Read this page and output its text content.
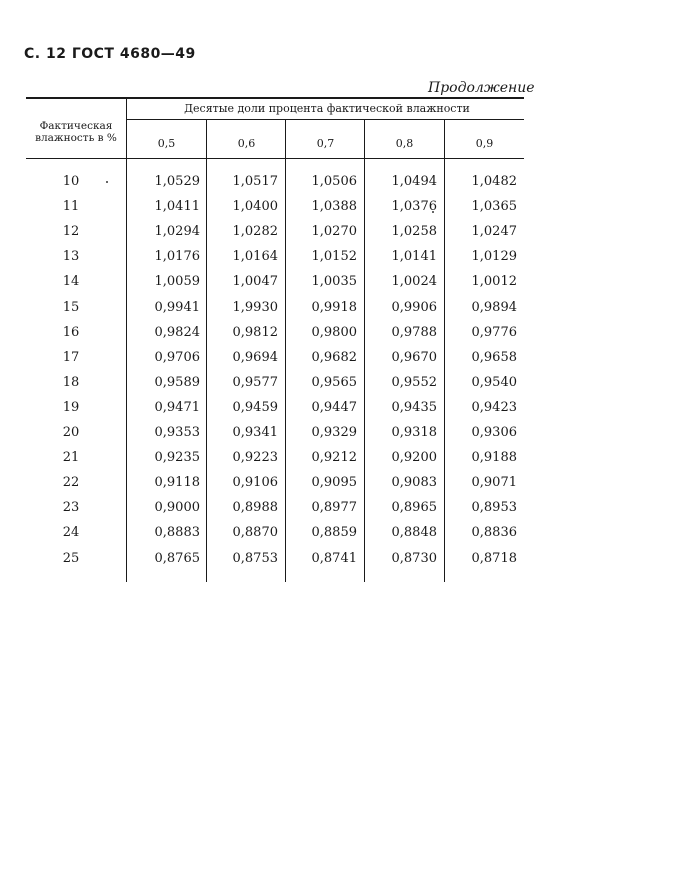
С. 12 ГОСТ 4680—49
Продолжение
Десятые доли процента фактической влажности
Фактическая влажность в %	0,5	0,6	0,7	0,8	0,9
10	1,0529	1,0517	1,0506	1,0494	1,0482
11	1,0411	1,0400	1,0388	1,0376	1,0365
12	1,0294	1,0282	1,0270	1,0258	1,0247
13	1,0176	1,0164	1,0152	1,0141	1,0129
14	1,0059	1,0047	1,0035	1,0024	1,0012
15	0,9941	1,9930	0,9918	0,9906	0,9894
16	0,9824	0,9812	0,9800	0,9788	0,9776
17	0,9706	0,9694	0,9682	0,9670	0,9658
18	0,9589	0,9577	0,9565	0,9552	0,9540
19	0,9471	0,9459	0,9447	0,9435	0,9423
20	0,9353	0,9341	0,9329	0,9318	0,9306
21	0,9235	0,9223	0,9212	0,9200	0,9188
22	0,9118	0,9106	0,9095	0,9083	0,9071
23	0,9000	0,8988	0,8977	0,8965	0,8953
24	0,8883	0,8870	0,8859	0,8848	0,8836
25	0,8765	0,8753	0,8741	0,8730	0,8718
